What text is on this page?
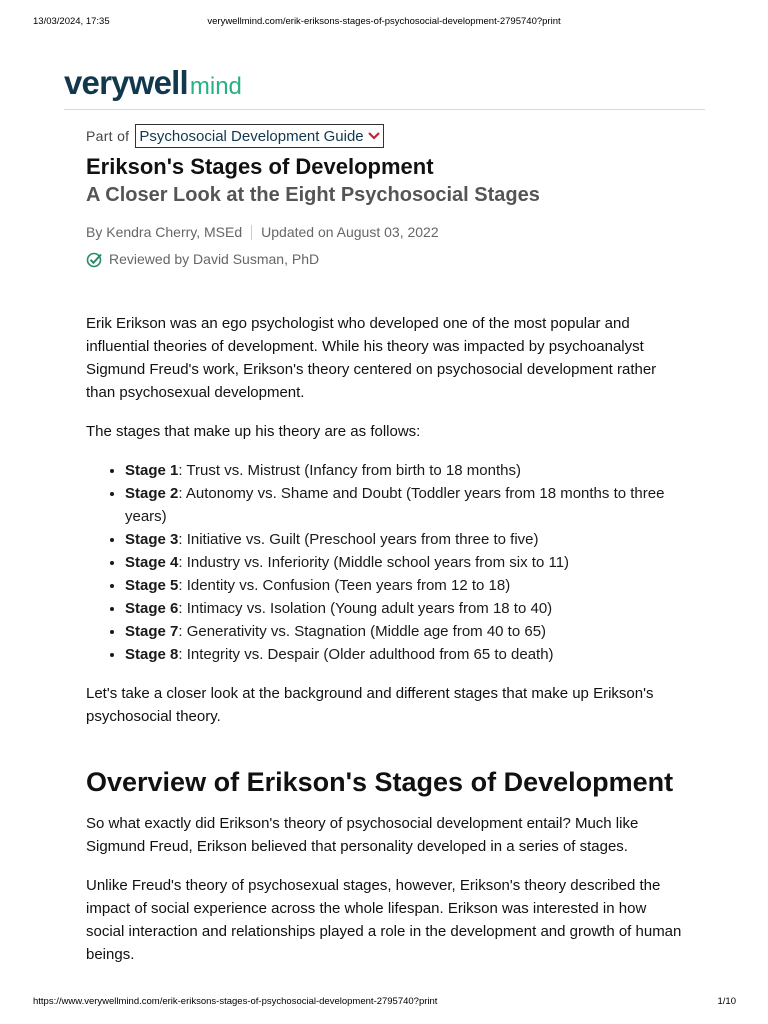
13/03/2024, 17:35	verywellmind.com/erik-eriksons-stages-of-psychosocial-development-2795740?print
verywellmind
Part of Psychosocial Development Guide
Erikson's Stages of Development
A Closer Look at the Eight Psychosocial Stages
By Kendra Cherry, MSEd Updated on August 03, 2022
Reviewed by David Susman, PhD

Erik Erikson was an ego psychologist who developed one of the most popular and influential theories of development. While his theory was impacted by psychoanalyst Sigmund Freud's work, Erikson's theory centered on psychosocial development rather than psychosexual development.

The stages that make up his theory are as follows:

• Stage 1: Trust vs. Mistrust (Infancy from birth to 18 months)
• Stage 2: Autonomy vs. Shame and Doubt (Toddler years from 18 months to three years)
• Stage 3: Initiative vs. Guilt (Preschool years from three to five)
• Stage 4: Industry vs. Inferiority (Middle school years from six to 11)
• Stage 5: Identity vs. Confusion (Teen years from 12 to 18)
• Stage 6: Intimacy vs. Isolation (Young adult years from 18 to 40)
• Stage 7: Generativity vs. Stagnation (Middle age from 40 to 65)
• Stage 8: Integrity vs. Despair (Older adulthood from 65 to death)

Let's take a closer look at the background and different stages that make up Erikson's psychosocial theory.

Overview of Erikson's Stages of Development

So what exactly did Erikson's theory of psychosocial development entail? Much like Sigmund Freud, Erikson believed that personality developed in a series of stages.

Unlike Freud's theory of psychosexual stages, however, Erikson's theory described the impact of social experience across the whole lifespan. Erikson was interested in how social interaction and relationships played a role in the development and growth of human beings.

https://www.verywellmind.com/erik-eriksons-stages-of-psychosocial-development-2795740?print	1/10
